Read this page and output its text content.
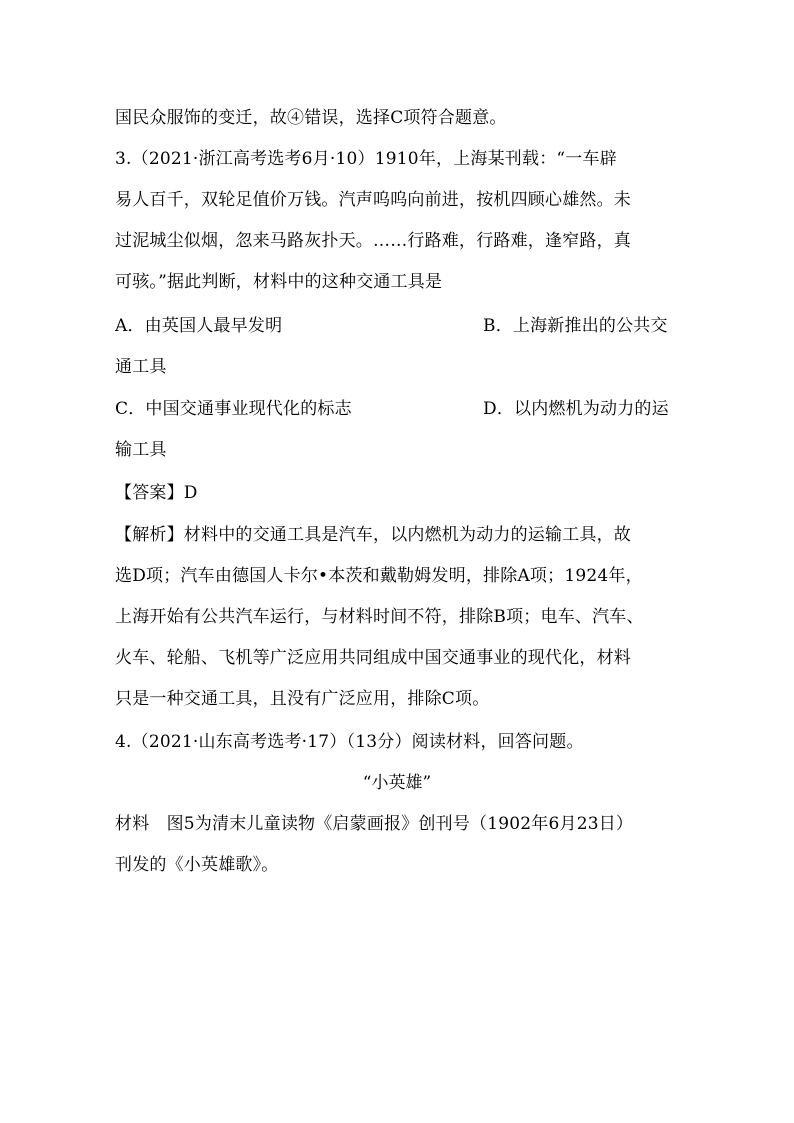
国民众服饰的变迁，故④错误，选择C项符合题意。
3.（2021·浙江高考选考6月·10）1910年，上海某刊载：“一车辟
易人百千，双轮足值价万钱。汽声呜呜向前进，按机四顾心雄然。未
过泥城尘似烟，忽来马路灰扑天。……行路难，行路难，逢窄路，真
可骇。”据此判断，材料中的这种交通工具是
A．由英国人最早发明	B．上海新推出的公共交
通工具
C．中国交通事业现代化的标志	D．以内燃机为动力的运
输工具
【答案】D
【解析】材料中的交通工具是汽车，以内燃机为动力的运输工具，故
选D项；汽车由德国人卡尔•本茨和戴勒姆发明，排除A项；1924年，
上海开始有公共汽车运行，与材料时间不符，排除B项；电车、汽车、
火车、轮船、飞机等广泛应用共同组成中国交通事业的现代化，材料
只是一种交通工具，且没有广泛应用，排除C项。
4.（2021·山东高考选考·17）（13分）阅读材料，回答问题。
“小英雄”
材料　图5为清末儿童读物《启蒙画报》创刊号（1902年6月23日）
刊发的《小英雄歌》。
